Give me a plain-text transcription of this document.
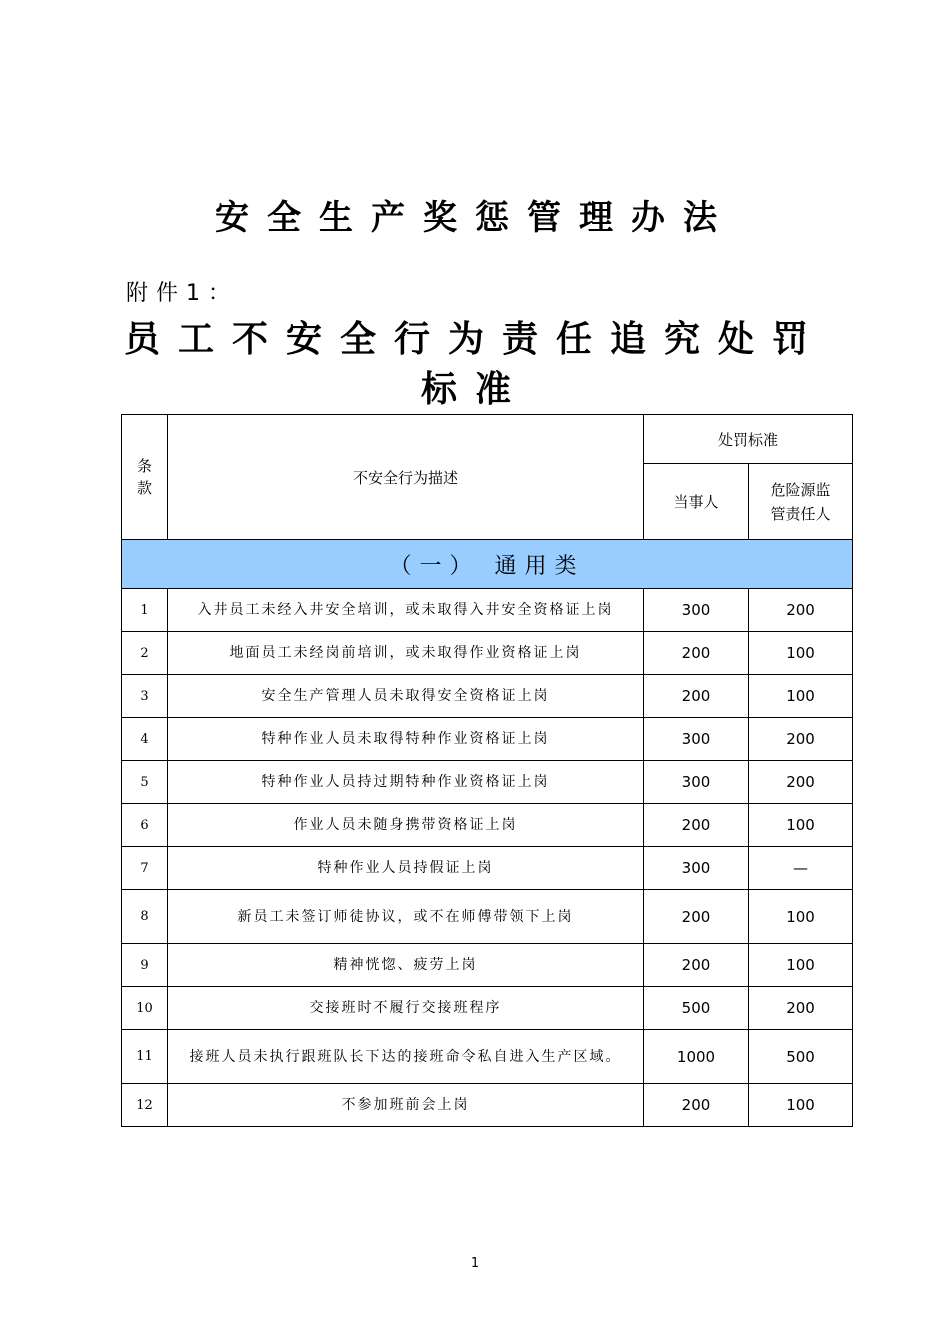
安全生产奖惩管理办法
附件1：
员工不安全行为责任追究处罚标准
条款	不安全行为描述	处罚标准	
		当事人	危险源监管责任人

（一） 通用类			
1	入井员工未经入井安全培训，或未取得入井安全资格证上岗	300	200
2	地面员工未经岗前培训，或未取得作业资格证上岗	200	100
3	安全生产管理人员未取得安全资格证上岗	200	100
4	特种作业人员未取得特种作业资格证上岗	300	200
5	特种作业人员持过期特种作业资格证上岗	300	200
6	作业人员未随身携带资格证上岗	200	100
7	特种作业人员持假证上岗	300	—
8	新员工未签订师徒协议，或不在师傅带领下上岗	200	100
9	精神恍惚、疲劳上岗	200	100
10	交接班时不履行交接班程序	500	200
11	接班人员未执行跟班队长下达的接班命令私自进入生产区域。	1000	500
12	不参加班前会上岗	200	100
1
